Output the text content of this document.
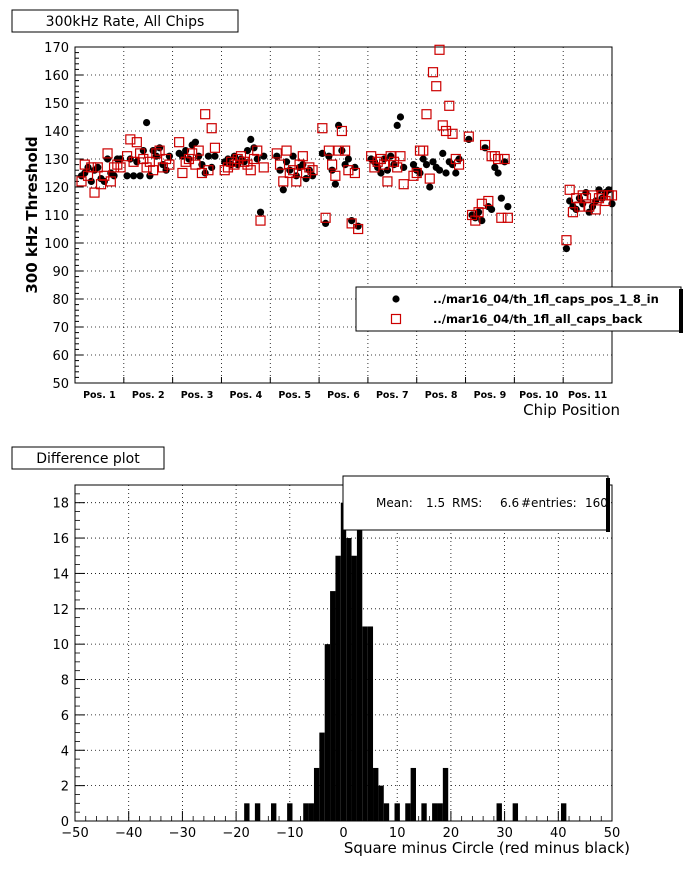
300kHz Rate, All Chips
50
60
70
80
90
100
110
120
130
140
150
160
170
Pos. 1 Pos. 2 Pos. 3 Pos. 4 Pos. 5 Pos. 6 Pos. 7 Pos. 8 Pos. 9 Pos. 10 Pos. 11
300 kHz Threshold
Chip Position
../mar16_04/th_1fl_caps_pos_1_8_in
../mar16_04/th_1fl_all_caps_back
Difference plot
0
2
4
6
8
10
12
14
16
18
−50 −40 −30 −20 −10	0	10	20	30	40	50
Square minus Circle (red minus black)
Mean: 1.5 RMS: 6.6 #entries: 160
